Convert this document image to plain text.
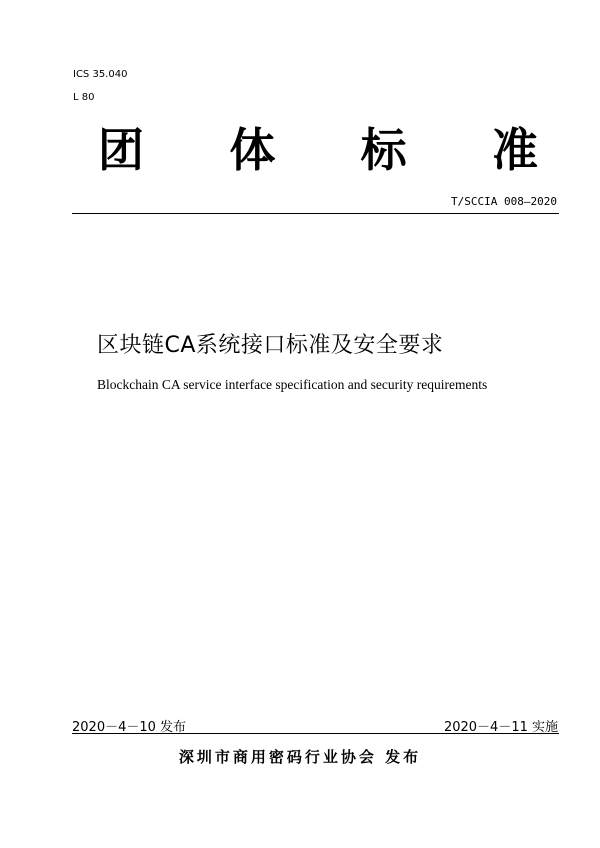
ICS 35.040
L 80
团 体 标 准
T/SCCIA 008—2020
区块链CA系统接口标准及安全要求
Blockchain CA service interface specification and security requirements
2020－4－10 发布	2020－4－11 实施
深圳市商用密码行业协会 发布
